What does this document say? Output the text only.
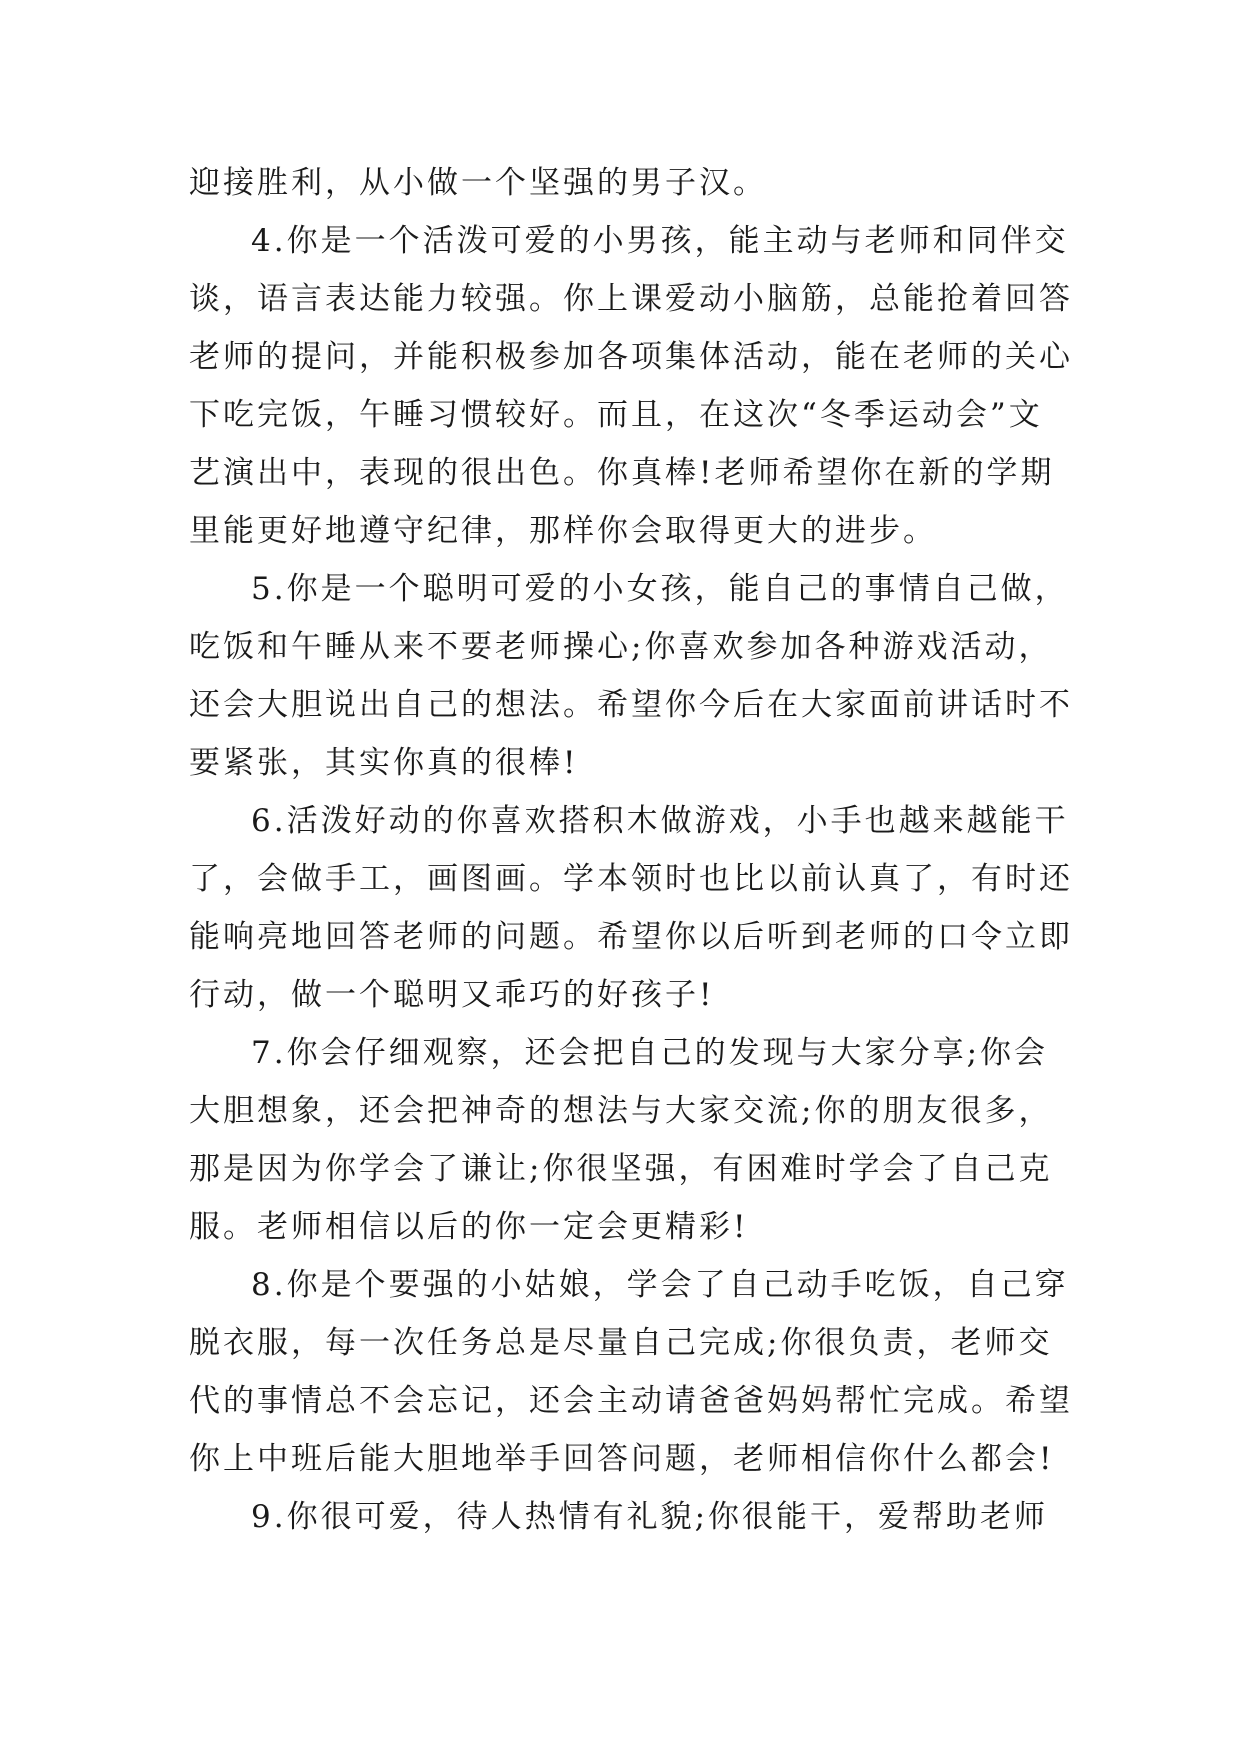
迎接胜利，从小做一个坚强的男子汉。
4.你是一个活泼可爱的小男孩，能主动与老师和同伴交
谈，语言表达能力较强。你上课爱动小脑筋，总能抢着回答
老师的提问，并能积极参加各项集体活动，能在老师的关心
下吃完饭，午睡习惯较好。而且，在这次“冬季运动会”文
艺演出中，表现的很出色。你真棒!老师希望你在新的学期
里能更好地遵守纪律，那样你会取得更大的进步。
5.你是一个聪明可爱的小女孩，能自己的事情自己做，
吃饭和午睡从来不要老师操心;你喜欢参加各种游戏活动，
还会大胆说出自己的想法。希望你今后在大家面前讲话时不
要紧张，其实你真的很棒!
6.活泼好动的你喜欢搭积木做游戏，小手也越来越能干
了，会做手工，画图画。学本领时也比以前认真了，有时还
能响亮地回答老师的问题。希望你以后听到老师的口令立即
行动，做一个聪明又乖巧的好孩子!
7.你会仔细观察，还会把自己的发现与大家分享;你会
大胆想象，还会把神奇的想法与大家交流;你的朋友很多，
那是因为你学会了谦让;你很坚强，有困难时学会了自己克
服。老师相信以后的你一定会更精彩!
8.你是个要强的小姑娘，学会了自己动手吃饭，自己穿
脱衣服，每一次任务总是尽量自己完成;你很负责，老师交
代的事情总不会忘记，还会主动请爸爸妈妈帮忙完成。希望
你上中班后能大胆地举手回答问题，老师相信你什么都会!
9.你很可爱，待人热情有礼貌;你很能干，爱帮助老师
